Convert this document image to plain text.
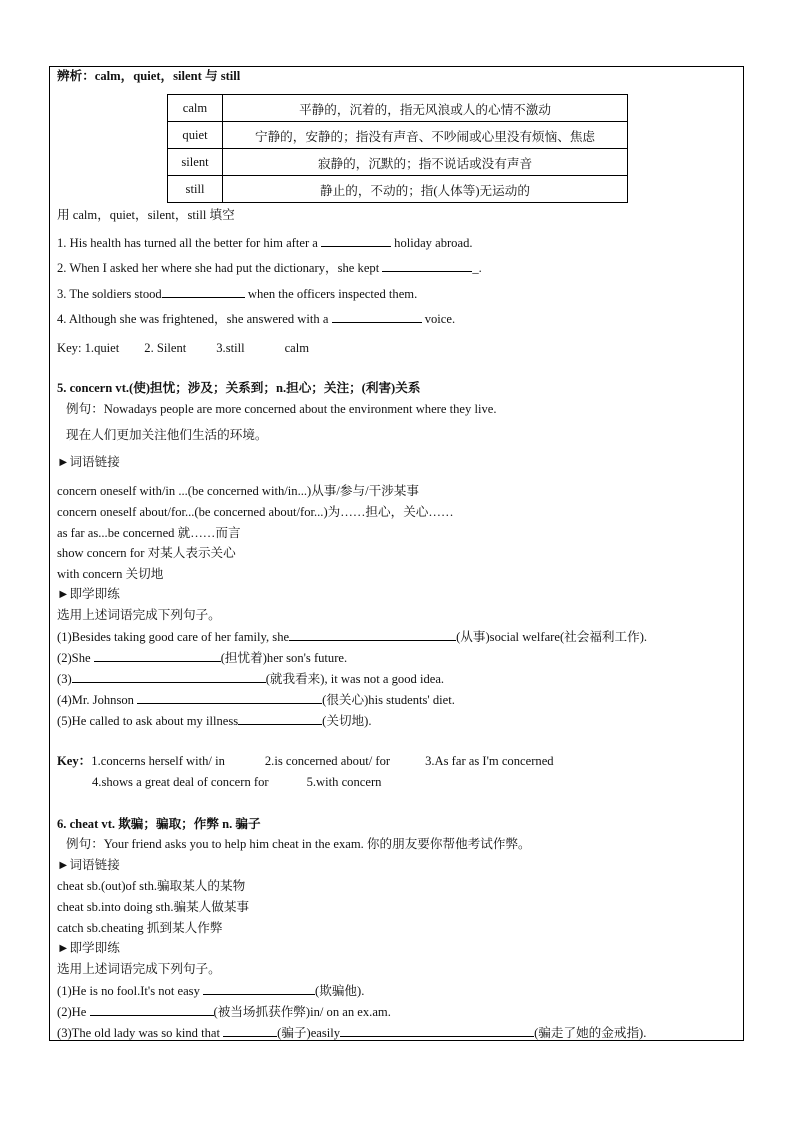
辨析：calm，quiet，silent 与 still
calm	平静的，沉着的，指无风浪或人的心情不激动
quiet	宁静的，安静的；指没有声音、不吵闹或心里没有烦恼、焦虑
silent	寂静的，沉默的；指不说话或没有声音
still	静止的，不动的；指(人体等)无运动的
用 calm，quiet，silent，still 填空
1. His health has turned all the better for him after a	holiday abroad.
2. When I asked her where she had put the dictionary，she kept	_.
3. The soldiers stood	when the officers inspected them.
4. Although she was frightened，she answered with a	voice.
Key: 1.quiet 2. Silent 3.still	calm
5. concern vt.(使)担忧；涉及；关系到；n.担心；关注；(利害)关系
例句：Nowadays people are more concerned about the environment where they live.
现在人们更加关注他们生活的环境。
►词语链接
concern oneself with/in ...(be concerned with/in...)从事/参与/干涉某事
concern oneself about/for...(be concerned about/for...)为……担心，关心……
as far as...be concerned 就……而言
show concern for 对某人表示关心
with concern 关切地
►即学即练
选用上述词语完成下列句子。
(1)Besides taking good care of her family, she	(从事)social welfare(社会福利工作).
(2)She	(担忧着)her son's future.
(3)	(就我看来), it was not a good idea.
(4)Mr. Johnson	(很关心)his students' diet.
(5)He called to ask about my illness	(关切地).
Key：1.concerns herself with/ in	2.is concerned about/ for	3.As far as I'm concerned
4.shows a great deal of concern for	5.with concern
6. cheat vt. 欺骗；骗取；作弊 n. 骗子
例句：Your friend asks you to help him cheat in the exam. 你的朋友要你帮他考试作弊。
►词语链接
cheat sb.(out)of sth.骗取某人的某物
cheat sb.into doing sth.骗某人做某事
catch sb.cheating 抓到某人作弊
►即学即练
选用上述词语完成下列句子。
(1)He is no fool.It's not easy	(欺骗他).
(2)He	(被当场抓获作弊)in/ on an ex.am.
(3)The old lady was so kind that	(骗子)easily	(骗走了她的金戒指).
